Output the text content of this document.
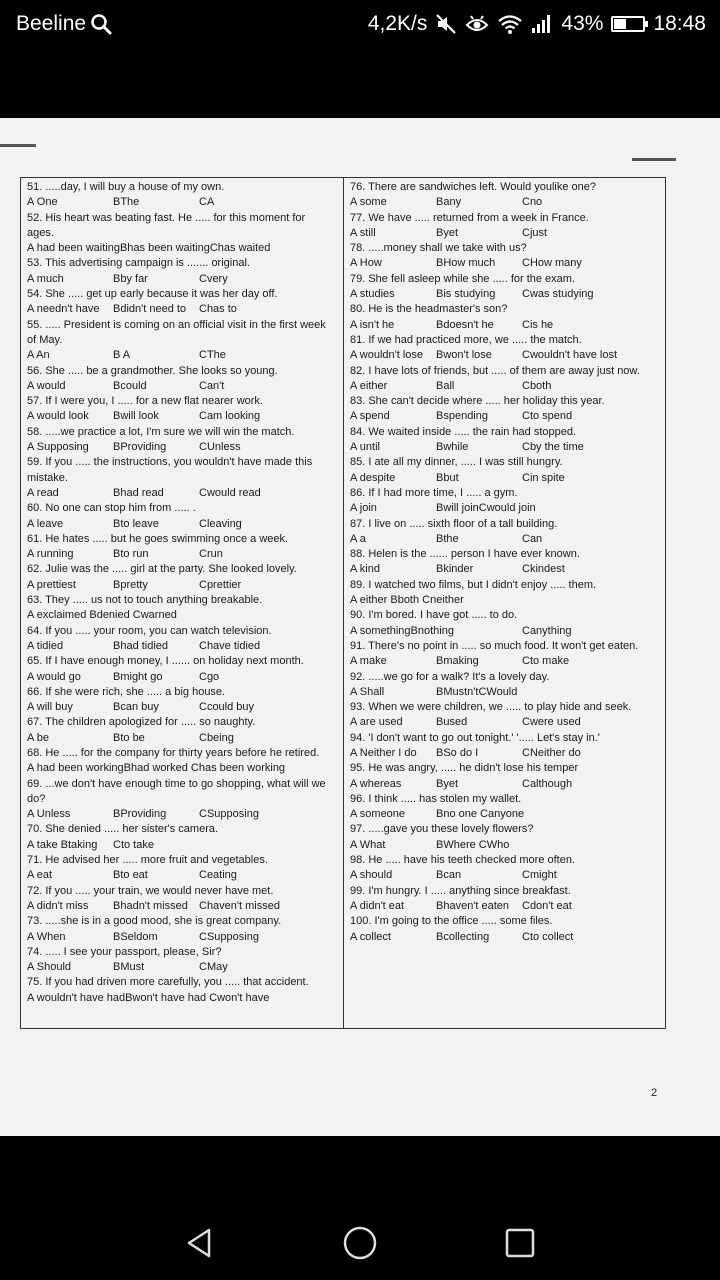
Beeline	4,2K/s	43% 18:48
51. .....day, I will buy a house of my own.
A One	BThe	CA
52. His heart was beating fast. He ..... for this moment for ages.
A had been waitingBhas been waitingChas waited
53. This advertising campaign is ....... original.
A much	Bby far	Cvery
54. She ..... get up early because it was her day off.
A needn't have Bdidn't need to Chas to
55. ..... President is coming on an official visit in the first week of May.
A An	B A	CThe
56. She ..... be a grandmother. She looks so young.
A would	Bcould	Can't
57. If I were you, I ..... for a new flat nearer work.
A would look Bwill look	Cam looking
58. .....we practice a lot, I'm sure we will win the match.
A Supposing BProviding	CUnless
59. If you ..... the instructions, you wouldn't have made this mistake.
A read	Bhad read	Cwould read
60. No one can stop him from ..... .
A leave	Bto leave	Cleaving
61. He hates ..... but he goes swimming once a week.
A running	Bto run	Crun
62. Julie was the ..... girl at the party. She looked lovely.
A prettiest	Bpretty	Cprettier
63. They ..... us not to touch anything breakable.
A exclaimed Bdenied Cwarned
64. If you ..... your room, you can watch television.
A tidied	Bhad tidied	Chave tidied
65. If I have enough money, I ...... on holiday next month.
A would go	Bmight go	Cgo
66. If she were rich, she ..... a big house.
A will buy	Bcan buy	Ccould buy
67. The children apologized for ..... so naughty.
A be	Bto be	Cbeing
68. He ..... for the company for thirty years before he retired.
A had been workingBhad worked Chas been working
69. ...we don't have enough time to go shopping, what will we do?
A Unless	BProviding	CSupposing
70. She denied ..... her sister's camera.
A take Btaking Cto take
71. He advised her ..... more fruit and vegetables.
A eat	Bto eat	Ceating
72. If you ..... your train, we would never have met.
A didn't miss Bhadn't missed Chaven't missed
73. .....she is in a good mood, she is great company.
A When	BSeldom	CSupposing
74. ..... I see your passport, please, Sir?
A Should	BMust	CMay
75. If you had driven more carefully, you ..... that accident.
A wouldn't have hadBwon't have had Cwon't have
76. There are sandwiches left. Would youlike one?
A some	Bany	Cno
77. We have ..... returned from a week in France.
A still	Byet	Cjust
78. .....money shall we take with us?
A How	BHow much CHow many
79. She fell asleep while she ..... for the exam.
A studies	Bis studying Cwas studying
80. He is the headmaster's son?
A isn't he	Bdoesn't he	Cis he
81. If we had practiced more, we ..... the match.
A wouldn't lose Bwon't lose	Cwouldn't have lost
82. I have lots of friends, but ..... of them are away just now.
A either	Ball	Cboth
83. She can't decide where ..... her holiday this year.
A spend	Bspending	Cto spend
84. We waited inside ..... the rain had stopped.
A until	Bwhile	Cby the time
85. I ate all my dinner, ..... I was still hungry.
A despite	Bbut	Cin spite
86. If I had more time, I ..... a gym.
A join	Bwill joinCwould join
87. I live on ..... sixth floor of a tall building.
A a	Bthe	Can
88. Helen is the ...... person I have ever known.
A kind	Bkinder	Ckindest
89. I watched two films, but I didn't enjoy ..... them.
A either Bboth Cneither
90. I'm bored. I have got ..... to do.
A somethingBnothing	Canything
91. There's no point in ..... so much food. It won't get eaten.
A make	Bmaking	Cto make
92. .....we go for a walk? It's a lovely day.
A Shall	BMustn'tCWould
93. When we were children, we ..... to play hide and seek.
A are used	Bused	Cwere used
94. 'I don't want to go out tonight.' '..... Let's stay in.'
A Neither I do BSo do I	CNeither do
95. He was angry, ..... he didn't lose his temper
A whereas	Byet	Calthough
96. I think ..... has stolen my wallet.
A someone	Bno one Canyone
97. .....gave you these lovely flowers?
A What	BWhere CWho
98. He ..... have his teeth checked more often.
A should	Bcan	Cmight
99. I'm hungry. I ..... anything since breakfast.
A didn't eat	Bhaven't eaten Cdon't eat
100. I'm going to the office ..... some files.
A collect	Bcollecting	Cto collect
2
